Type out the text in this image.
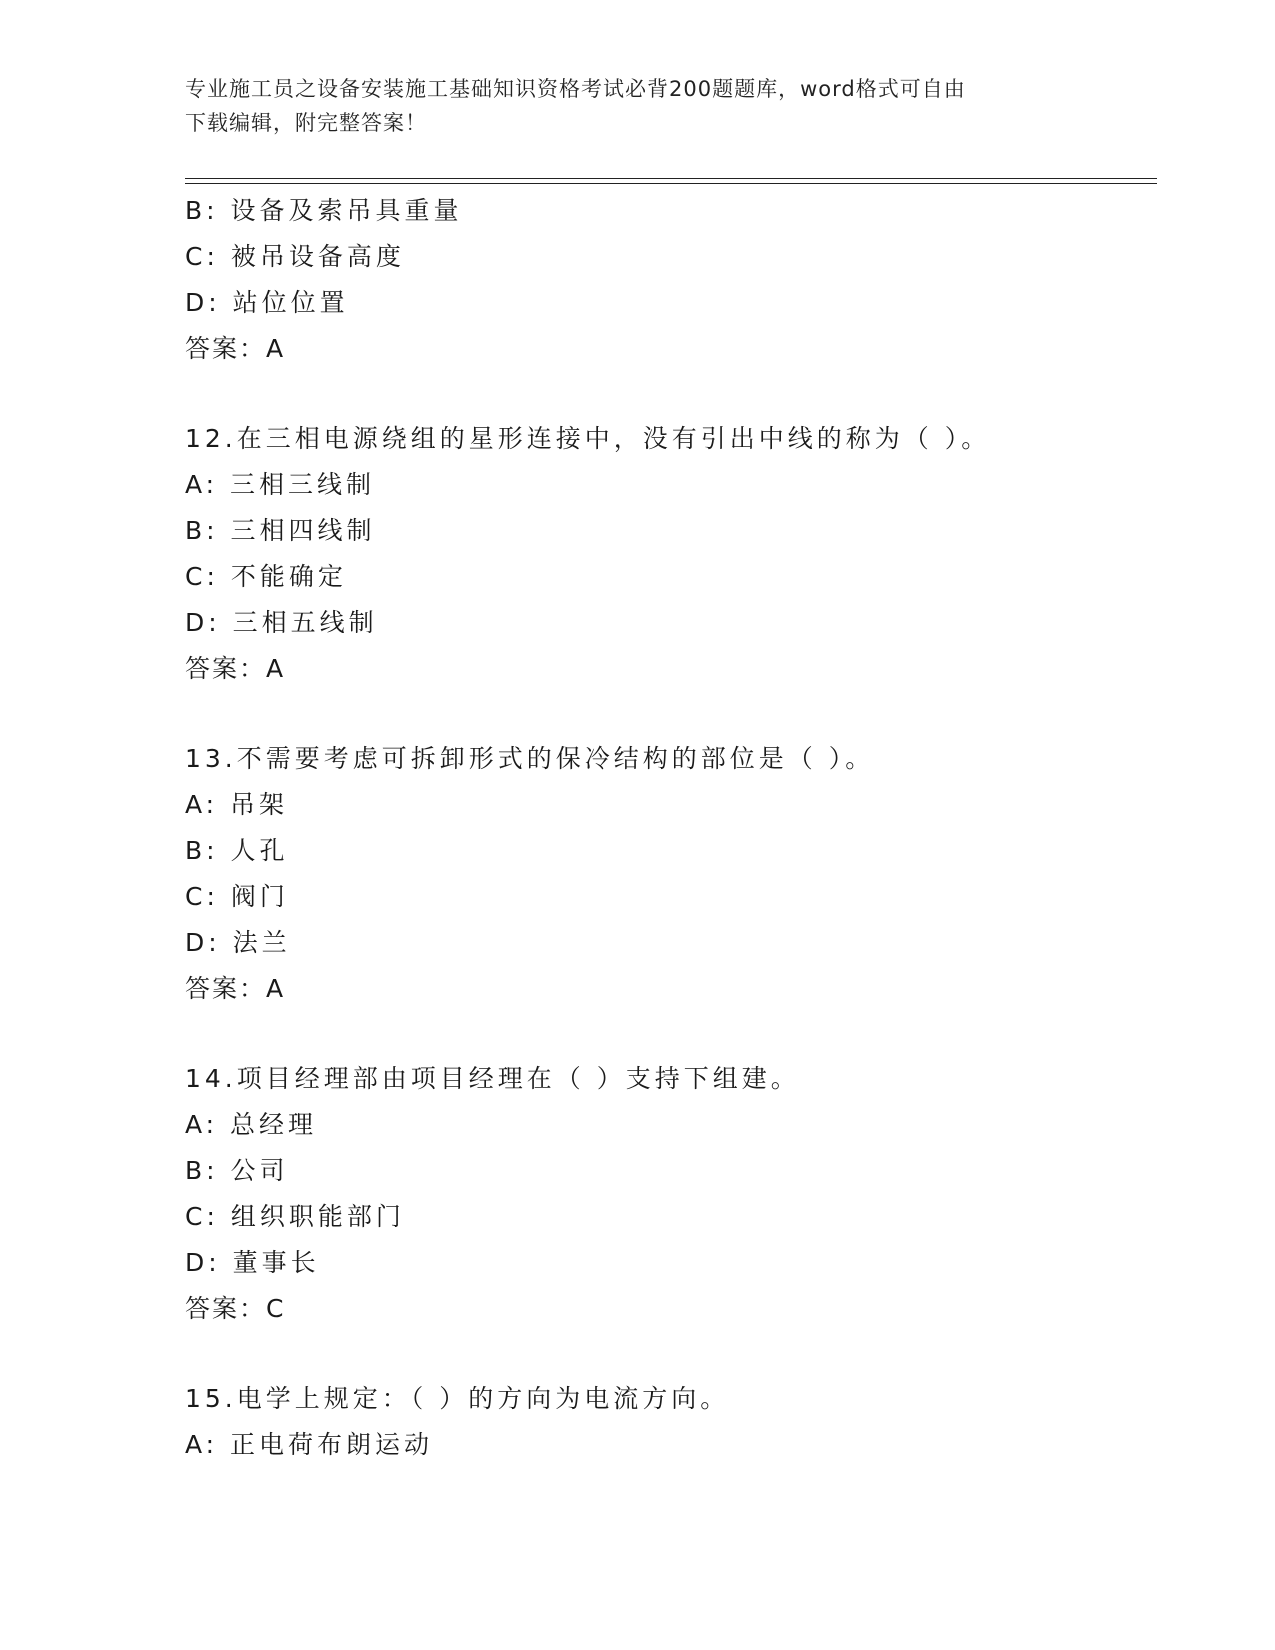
专业施工员之设备安装施工基础知识资格考试必背200题题库，word格式可自由
下载编辑，附完整答案！
B: 设备及索吊具重量
C: 被吊设备高度
D: 站位位置
答案：A
12.在三相电源绕组的星形连接中，没有引出中线的称为（ ）。
A: 三相三线制
B: 三相四线制
C: 不能确定
D: 三相五线制
答案：A
13.不需要考虑可拆卸形式的保冷结构的部位是（ ）。
A: 吊架
B: 人孔
C: 阀门
D: 法兰
答案：A
14.项目经理部由项目经理在（ ）支持下组建。
A: 总经理
B: 公司
C: 组织职能部门
D: 董事长
答案：C
15.电学上规定：（ ）的方向为电流方向。
A: 正电荷布朗运动
